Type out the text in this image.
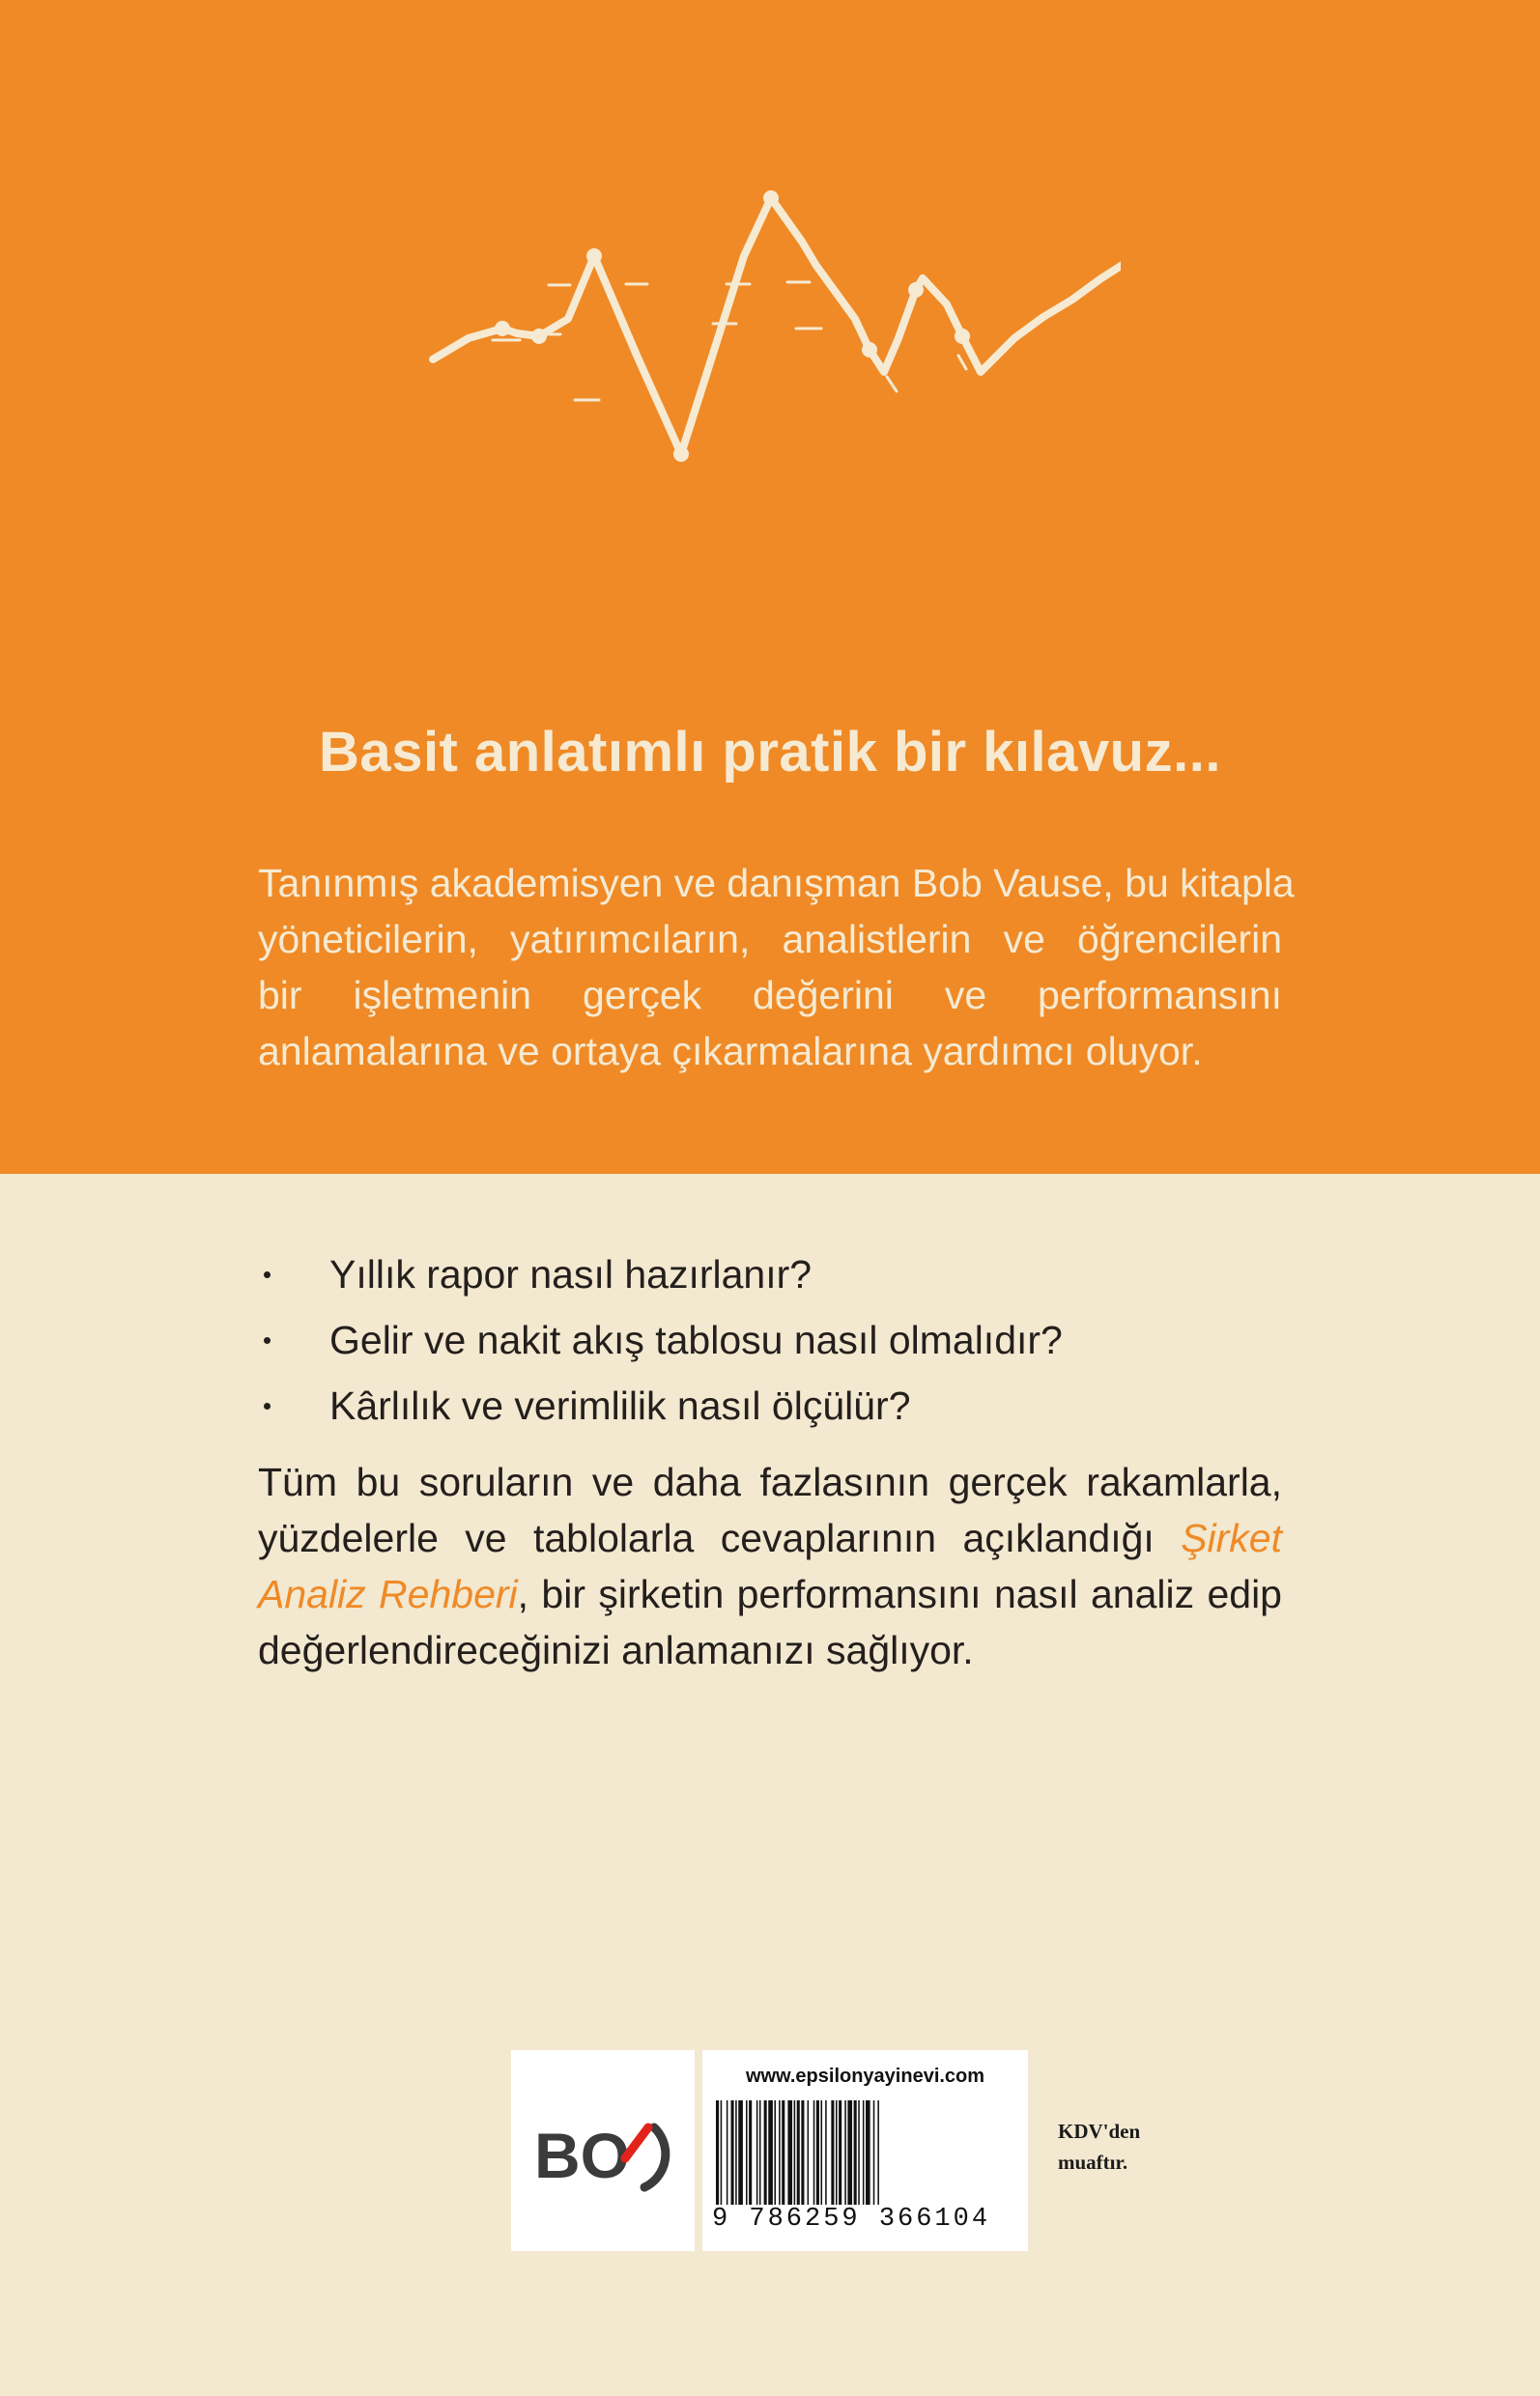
Basit anlatımlı pratik bir kılavuz...
Tanınmış akademisyen ve danışman Bob Vause, bu kitapla
yöneticilerin, yatırımcıların, analistlerin ve öğrencilerin
bir işletmenin gerçek değerini ve performansını
anlamalarına ve ortaya çıkarmalarına yardımcı oluyor.
Yıllık rapor nasıl hazırlanır?
Gelir ve nakit akış tablosu nasıl olmalıdır?
Kârlılık ve verimlilik nasıl ölçülür?
Tüm bu soruların ve daha fazlasının gerçek rakamlarla,
yüzdelerle ve tablolarla cevaplarının açıklandığı Şirket
Analiz Rehberi, bir şirketin performansını nasıl analiz edip
değerlendireceğinizi anlamanızı sağlıyor.
BO
www.epsilonyayinevi.com
9 786259 366104
KDV'den
muaftır.
